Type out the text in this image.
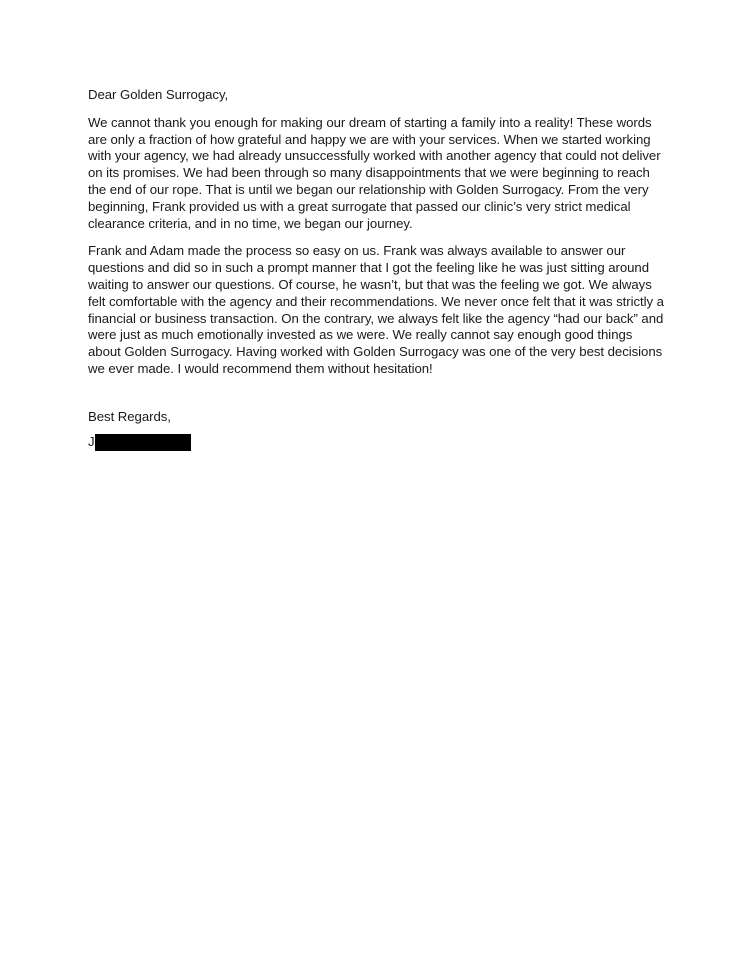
Dear Golden Surrogacy,
We cannot thank you enough for making our dream of starting a family into a reality! These words are only a fraction of how grateful and happy we are with your services. When we started working with your agency, we had already unsuccessfully worked with another agency that could not deliver on its promises. We had been through so many disappointments that we were beginning to reach the end of our rope. That is until we began our relationship with Golden Surrogacy. From the very beginning, Frank provided us with a great surrogate that passed our clinic’s very strict medical clearance criteria, and in no time, we began our journey.
Frank and Adam made the process so easy on us. Frank was always available to answer our questions and did so in such a prompt manner that I got the feeling like he was just sitting around waiting to answer our questions. Of course, he wasn’t, but that was the feeling we got. We always felt comfortable with the agency and their recommendations. We never once felt that it was strictly a financial or business transaction. On the contrary, we always felt like the agency “had our back” and were just as much emotionally invested as we were. We really cannot say enough good things about Golden Surrogacy. Having worked with Golden Surrogacy was one of the very best decisions we ever made. I would recommend them without hesitation!
Best Regards,
J
